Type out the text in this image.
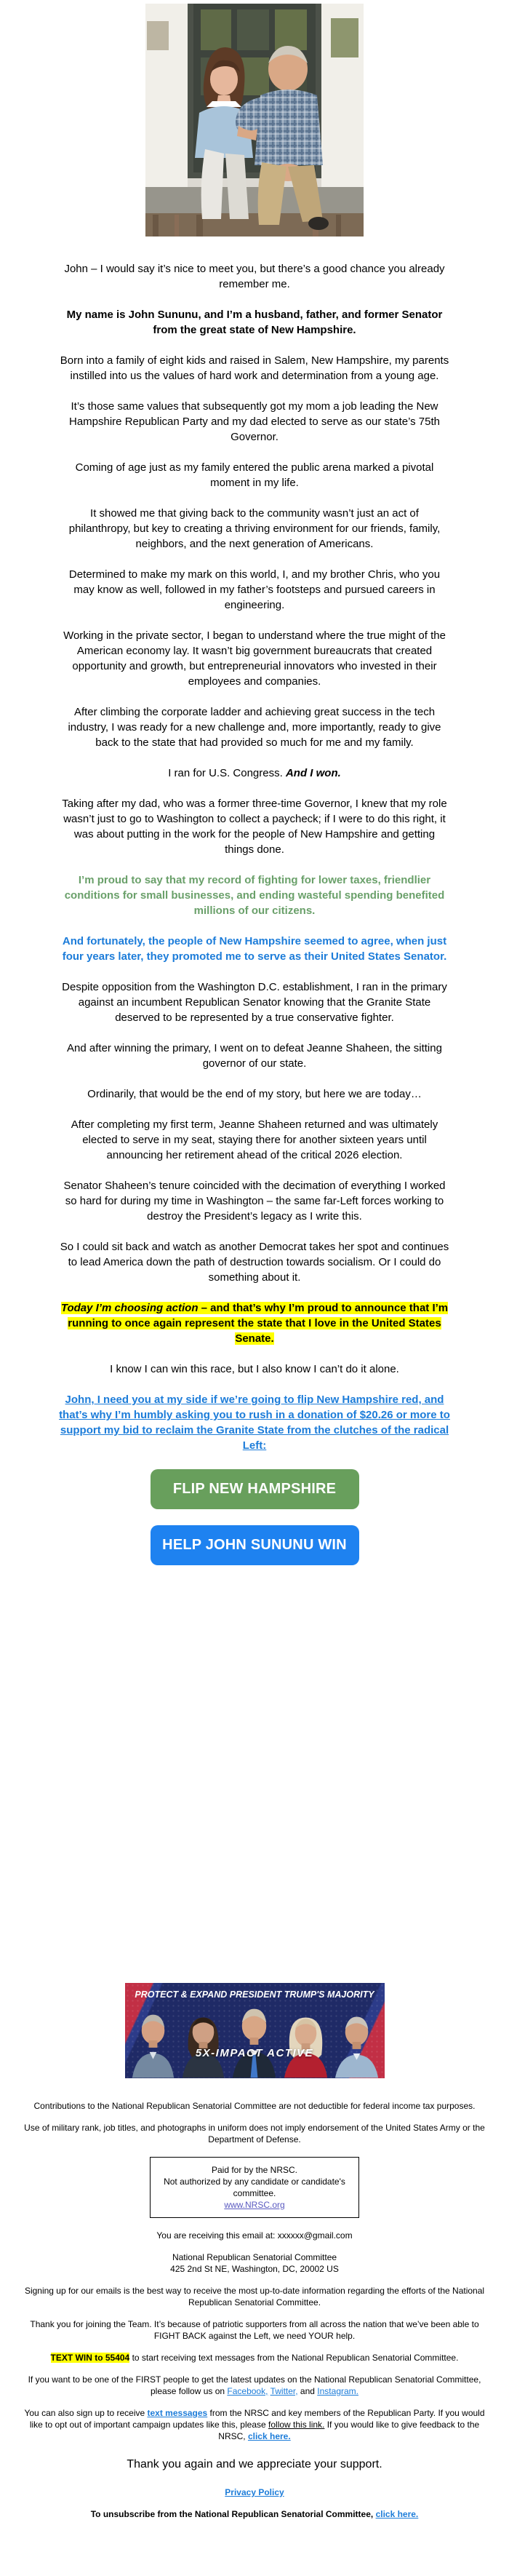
John – I would say it’s nice to meet you, but there’s a good chance you already remember me.

My name is John Sununu, and I’m a husband, father, and former Senator from the great state of New Hampshire.

Born into a family of eight kids and raised in Salem, New Hampshire, my parents instilled into us the values of hard work and determination from a young age.

It’s those same values that subsequently got my mom a job leading the New Hampshire Republican Party and my dad elected to serve as our state’s 75th Governor.

Coming of age just as my family entered the public arena marked a pivotal moment in my life.

It showed me that giving back to the community wasn’t just an act of philanthropy, but key to creating a thriving environment for our friends, family, neighbors, and the next generation of Americans.

Determined to make my mark on this world, I, and my brother Chris, who you may know as well, followed in my father’s footsteps and pursued careers in engineering.

Working in the private sector, I began to understand where the true might of the American economy lay. It wasn’t big government bureaucrats that created opportunity and growth, but entrepreneurial innovators who invested in their employees and companies.

After climbing the corporate ladder and achieving great success in the tech industry, I was ready for a new challenge and, more importantly, ready to give back to the state that had provided so much for me and my family.

I ran for U.S. Congress. And I won.

Taking after my dad, who was a former three-time Governor, I knew that my role wasn’t just to go to Washington to collect a paycheck; if I were to do this right, it was about putting in the work for the people of New Hampshire and getting things done.

I’m proud to say that my record of fighting for lower taxes, friendlier conditions for small businesses, and ending wasteful spending benefited millions of our citizens.

And fortunately, the people of New Hampshire seemed to agree, when just four years later, they promoted me to serve as their United States Senator.

Despite opposition from the Washington D.C. establishment, I ran in the primary against an incumbent Republican Senator knowing that the Granite State deserved to be represented by a true conservative fighter.

And after winning the primary, I went on to defeat Jeanne Shaheen, the sitting governor of our state.

Ordinarily, that would be the end of my story, but here we are today…

After completing my first term, Jeanne Shaheen returned and was ultimately elected to serve in my seat, staying there for another sixteen years until announcing her retirement ahead of the critical 2026 election.

Senator Shaheen’s tenure coincided with the decimation of everything I worked so hard for during my time in Washington – the same far-Left forces working to destroy the President’s legacy as I write this.

So I could sit back and watch as another Democrat takes her spot and continues to lead America down the path of destruction towards socialism. Or I could do something about it.

Today I’m choosing action – and that’s why I’m proud to announce that I’m running to once again represent the state that I love in the United States Senate.

I know I can win this race, but I also know I can’t do it alone.

John, I need you at my side if we’re going to flip New Hampshire red, and that’s why I’m humbly asking you to rush in a donation of $20.26 or more to support my bid to reclaim the Granite State from the clutches of the radical Left:

FLIP NEW HAMPSHIRE
HELP JOHN SUNUNU WIN
PROTECT & EXPAND PRESIDENT TRUMP'S MAJORITY
5X-IMPACT ACTIVE

Contributions to the National Republican Senatorial Committee are not deductible for federal income tax purposes.

Use of military rank, job titles, and photographs in uniform does not imply endorsement of the United States Army or the Department of Defense.

Paid for by the NRSC.

Not authorized by any candidate or candidate's committee.

www.NRSC.org

You are receiving this email at: xxxxxx@gmail.com

National Republican Senatorial Committee
425 2nd St NE, Washington, DC, 20002 US

Signing up for our emails is the best way to receive the most up-to-date information regarding the efforts of the National Republican Senatorial Committee.

Thank you for joining the Team. It’s because of patriotic supporters from all across the nation that we’ve been able to FIGHT BACK against the Left, we need YOUR help.

TEXT WIN to 55404 to start receiving text messages from the National Republican Senatorial Committee.

If you want to be one of the FIRST people to get the latest updates on the National Republican Senatorial Committee, please follow us on Facebook, Twitter, and Instagram.

You can also sign up to receive text messages from the NRSC and key members of the Republican Party. If you would like to opt out of important campaign updates like this, please follow this link. If you would like to give feedback to the NRSC, click here.

Thank you again and we appreciate your support.

Privacy Policy

To unsubscribe from the National Republican Senatorial Committee, click here.
